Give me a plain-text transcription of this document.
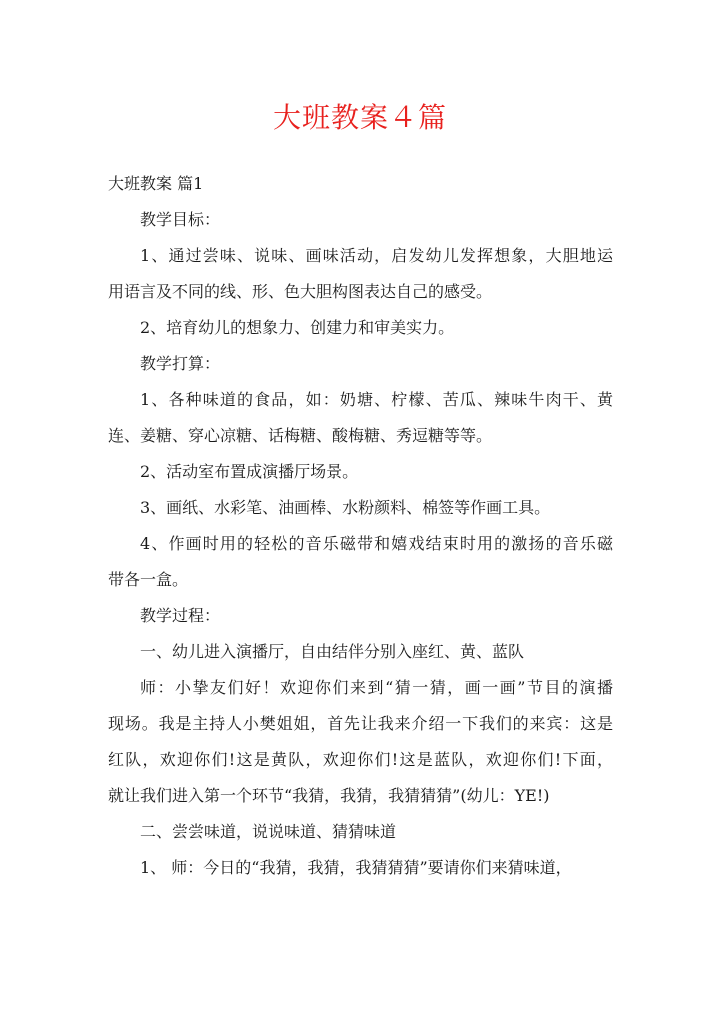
大班教案４篇

大班教案 篇1

教学目标：

1、通过尝味、说味、画味活动，启发幼儿发挥想象，大胆地运

用语言及不同的线、形、色大胆构图表达自己的感受。

2、培育幼儿的想象力、创建力和审美实力。

教学打算：

1、各种味道的食品，如：奶塘、柠檬、苦瓜、辣味牛肉干、黄

连、姜糖、穿心凉糖、话梅糖、酸梅糖、秀逗糖等等。

2、活动室布置成演播厅场景。

3、画纸、水彩笔、油画棒、水粉颜料、棉签等作画工具。

4、作画时用的轻松的音乐磁带和嬉戏结束时用的激扬的音乐磁

带各一盒。

教学过程：

一、幼儿进入演播厅，自由结伴分别入座红、黄、蓝队

师：小挚友们好！欢迎你们来到“猜一猜，画一画”节目的演播

现场。我是主持人小樊姐姐，首先让我来介绍一下我们的来宾：这是

红队，欢迎你们!这是黄队，欢迎你们!这是蓝队，欢迎你们!下面，

就让我们进入第一个环节“我猜，我猜，我猜猜猜”(幼儿：YE!)

二、尝尝味道，说说味道、猜猜味道

1、 师：今日的“我猜，我猜，我猜猜猜”要请你们来猜味道，
